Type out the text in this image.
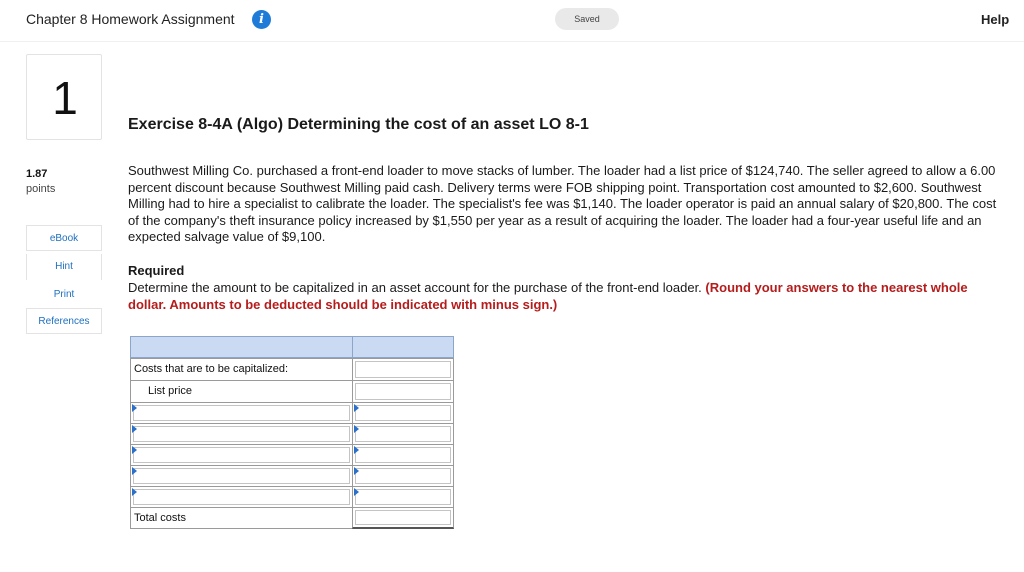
Chapter 8 Homework Assignment	i	Saved	Help
1
1.87
points
eBook
Hint
Print
References
Exercise 8-4A (Algo) Determining the cost of an asset LO 8-1
Southwest Milling Co. purchased a front-end loader to move stacks of lumber. The loader had a list price of $124,740. The seller agreed to allow a 6.00 percent discount because Southwest Milling paid cash. Delivery terms were FOB shipping point. Transportation cost amounted to $2,600. Southwest Milling had to hire a specialist to calibrate the loader. The specialist's fee was $1,140. The loader operator is paid an annual salary of $20,800. The cost of the company's theft insurance policy increased by $1,550 per year as a result of acquiring the loader. The loader had a four-year useful life and an expected salvage value of $9,100.
Required
Determine the amount to be capitalized in an asset account for the purchase of the front-end loader. (Round your answers to the nearest whole dollar. Amounts to be deducted should be indicated with minus sign.)
Costs that are to be capitalized:
List price
Total costs
